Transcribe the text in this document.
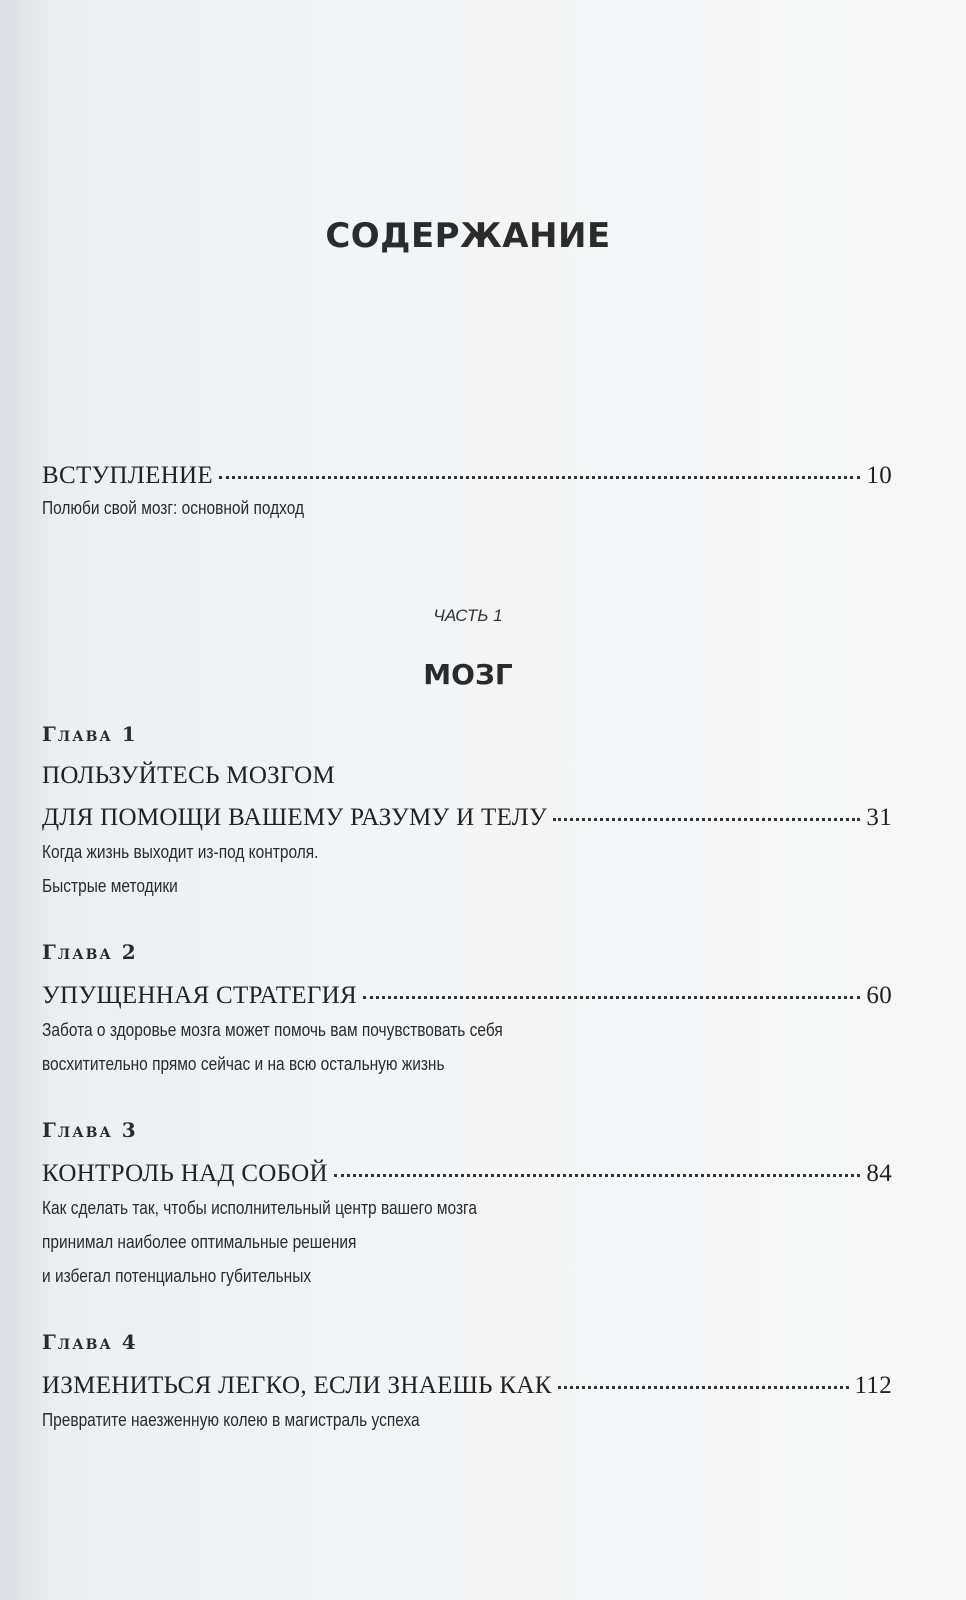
СОДЕРЖАНИЕ
ВСТУПЛЕНИЕ	10
Полюби свой мозг: основной подход
ЧАСТЬ 1
МОЗГ
Глава 1
ПОЛЬЗУЙТЕСЬ МОЗГОМ
ДЛЯ ПОМОЩИ ВАШЕМУ РАЗУМУ И ТЕЛУ	31
Когда жизнь выходит из-под контроля.
Быстрые методики
Глава 2
УПУЩЕННАЯ СТРАТЕГИЯ	60
Забота о здоровье мозга может помочь вам почувствовать себя
восхитительно прямо сейчас и на всю остальную жизнь
Глава 3
КОНТРОЛЬ НАД СОБОЙ	84
Как сделать так, чтобы исполнительный центр вашего мозга
принимал наиболее оптимальные решения
и избегал потенциально губительных
Глава 4
ИЗМЕНИТЬСЯ ЛЕГКО, ЕСЛИ ЗНАЕШЬ КАК	112
Превратите наезженную колею в магистраль успеха
